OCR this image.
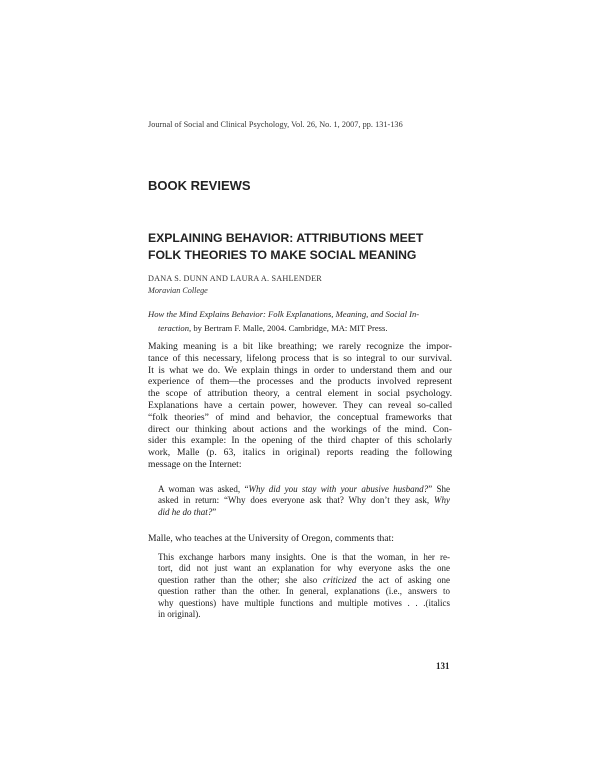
Journal of Social and Clinical Psychology, Vol. 26, No. 1, 2007, pp. 131-136
BOOK REVIEWS
EXPLAINING BEHAVIOR: ATTRIBUTIONS MEET
FOLK THEORIES TO MAKE SOCIAL MEANING
DANA S. DUNN AND LAURA A. SAHLENDER
Moravian College
How the Mind Explains Behavior: Folk Explanations, Meaning, and Social In-
teraction, by Bertram F. Malle, 2004. Cambridge, MA: MIT Press.
Making meaning is a bit like breathing; we rarely recognize the impor-
tance of this necessary, lifelong process that is so integral to our survival.
It is what we do. We explain things in order to understand them and our
experience of them—the processes and the products involved represent
the scope of attribution theory, a central element in social psychology.
Explanations have a certain power, however. They can reveal so-called
“folk theories” of mind and behavior, the conceptual frameworks that
direct our thinking about actions and the workings of the mind. Con-
sider this example: In the opening of the third chapter of this scholarly
work, Malle (p. 63, italics in original) reports reading the following
message on the Internet:
A woman was asked, “Why did you stay with your abusive husband?” She
asked in return: “Why does everyone ask that? Why don’t they ask, Why
did he do that?”
Malle, who teaches at the University of Oregon, comments that:
This exchange harbors many insights. One is that the woman, in her re-
tort, did not just want an explanation for why everyone asks the one
question rather than the other; she also criticized the act of asking one
question rather than the other. In general, explanations (i.e., answers to
why questions) have multiple functions and multiple motives . . .(italics
in original).
131
